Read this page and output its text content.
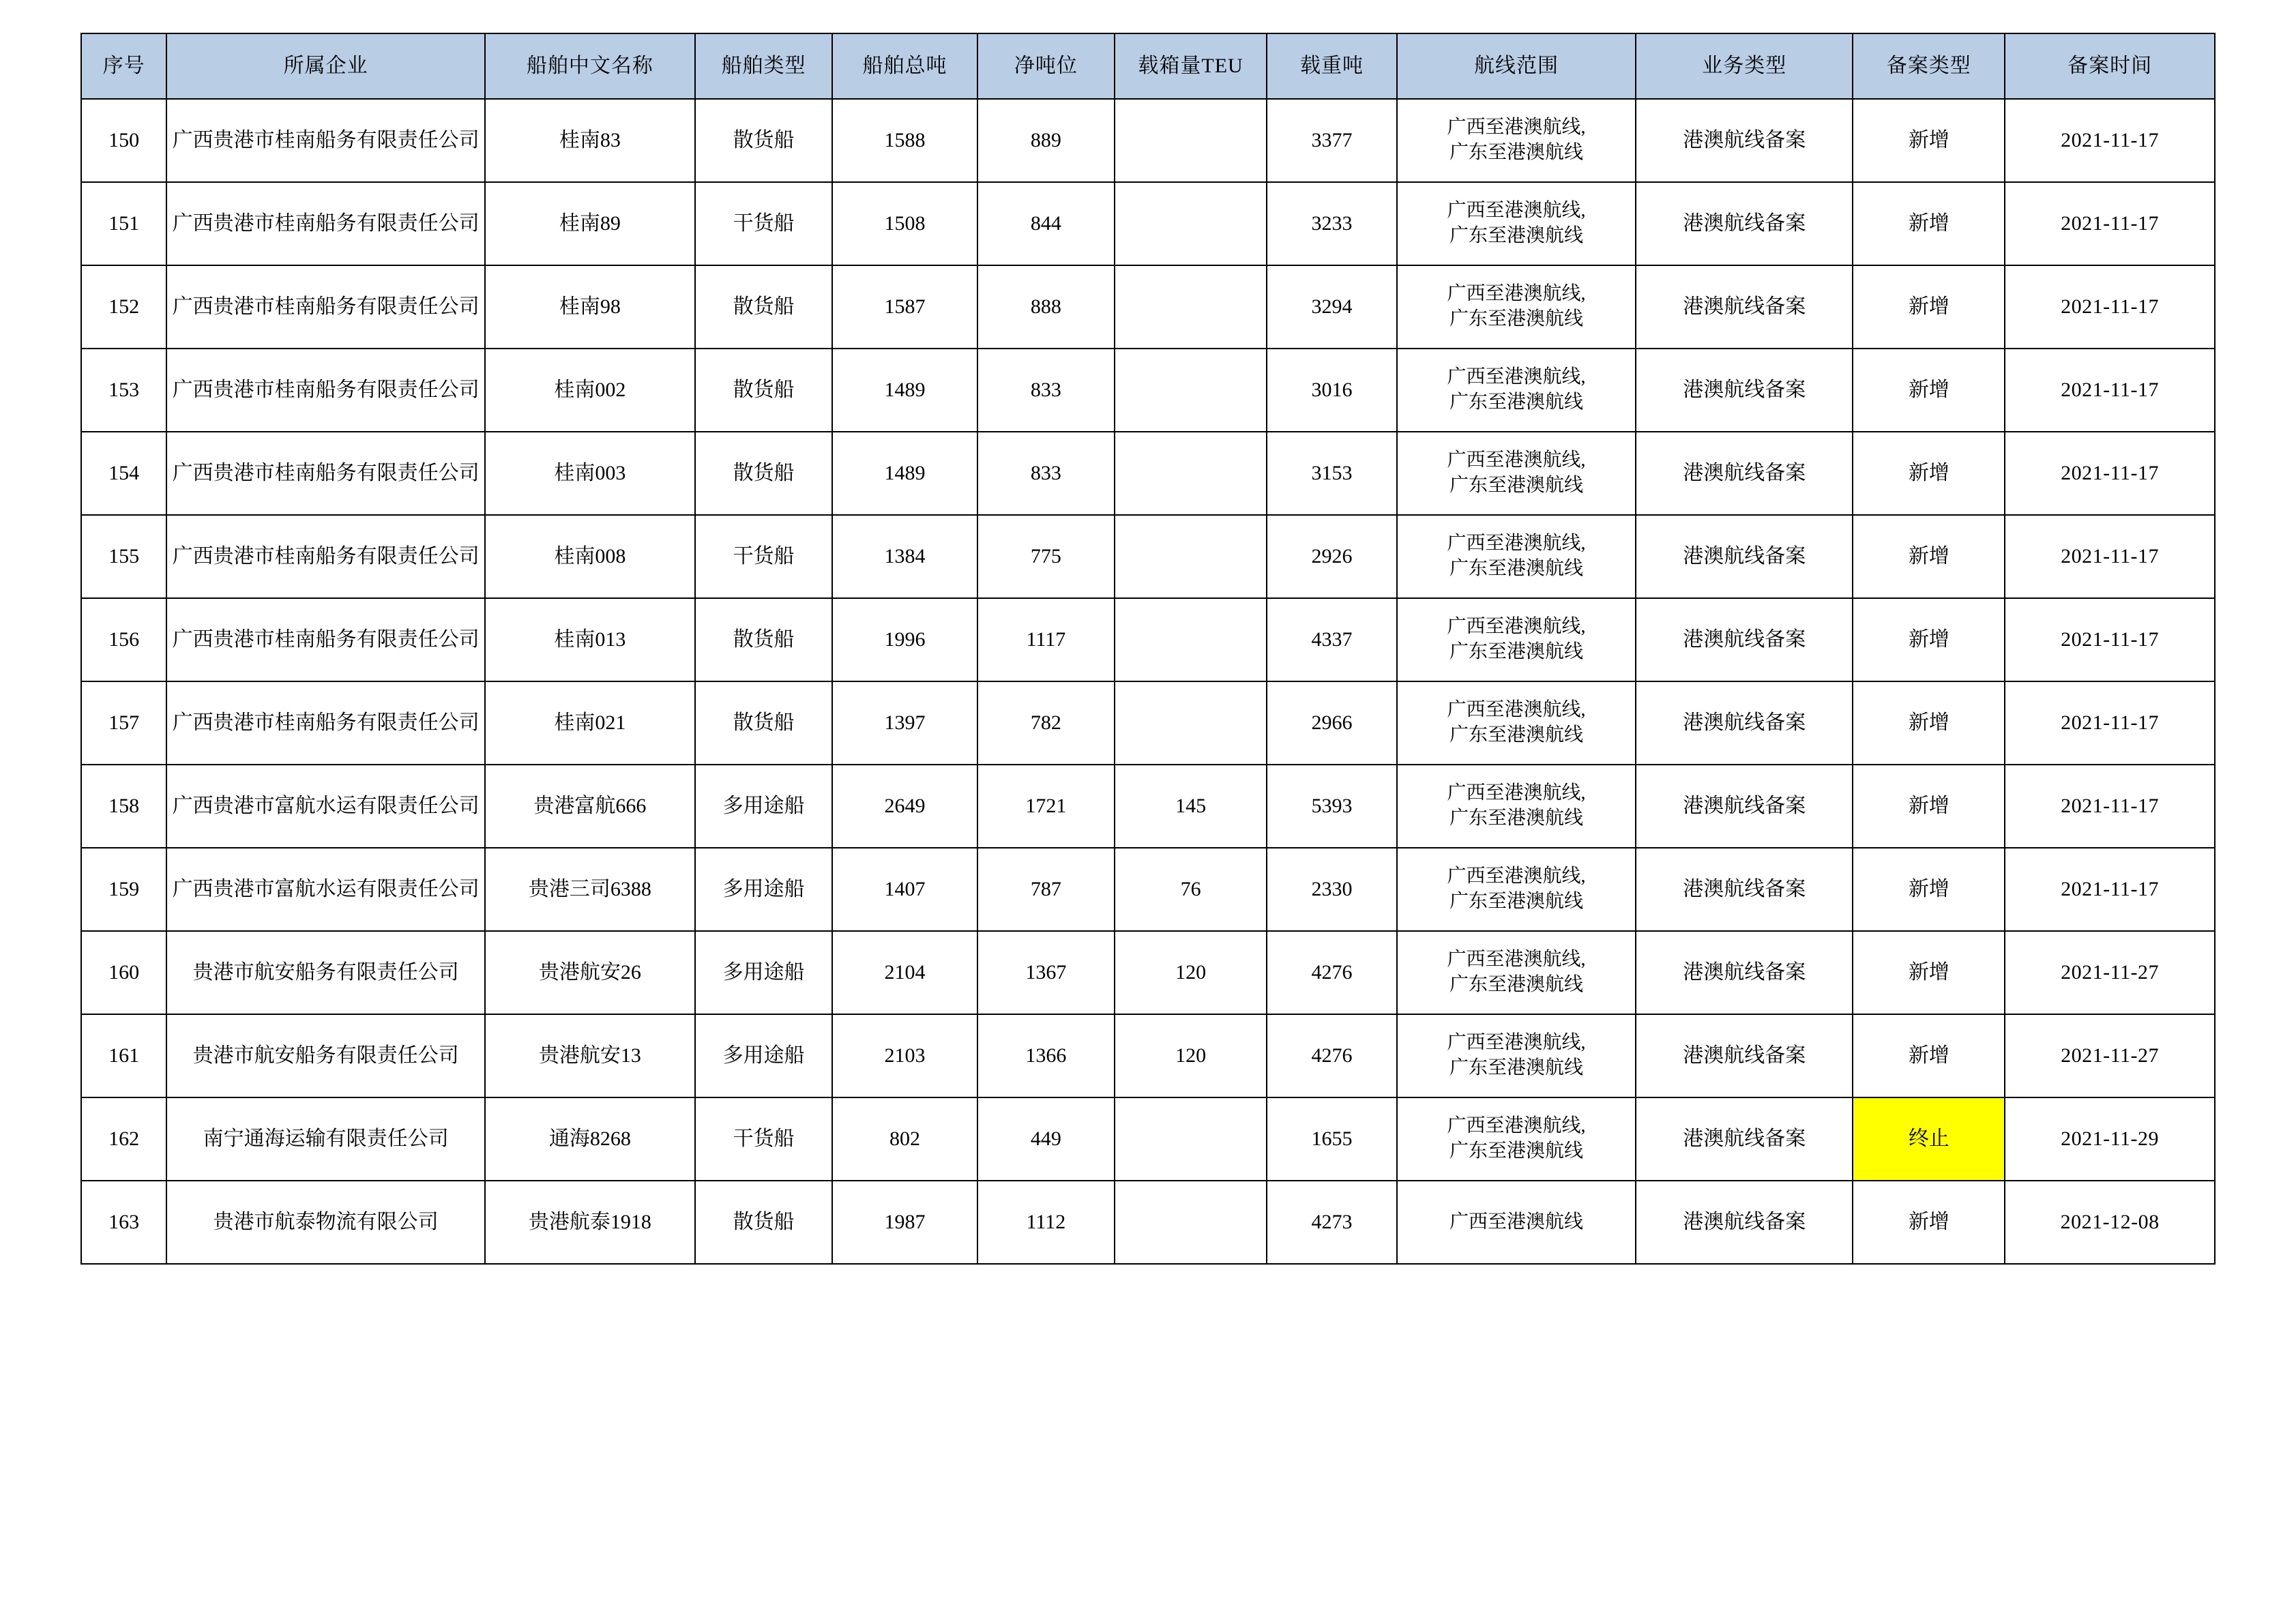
序号	所属企业	船舶中文名称	船舶类型	船舶总吨	净吨位	载箱量TEU	载重吨	航线范围	业务类型	备案类型	备案时间
150	广西贵港市桂南船务有限责任公司	桂南83	散货船	1588	889		3377	广西至港澳航线,
广东至港澳航线	港澳航线备案	新增	2021-11-17
151	广西贵港市桂南船务有限责任公司	桂南89	干货船	1508	844		3233	广西至港澳航线,
广东至港澳航线	港澳航线备案	新增	2021-11-17
152	广西贵港市桂南船务有限责任公司	桂南98	散货船	1587	888		3294	广西至港澳航线,
广东至港澳航线	港澳航线备案	新增	2021-11-17
153	广西贵港市桂南船务有限责任公司	桂南002	散货船	1489	833		3016	广西至港澳航线,
广东至港澳航线	港澳航线备案	新增	2021-11-17
154	广西贵港市桂南船务有限责任公司	桂南003	散货船	1489	833		3153	广西至港澳航线,
广东至港澳航线	港澳航线备案	新增	2021-11-17
155	广西贵港市桂南船务有限责任公司	桂南008	干货船	1384	775		2926	广西至港澳航线,
广东至港澳航线	港澳航线备案	新增	2021-11-17
156	广西贵港市桂南船务有限责任公司	桂南013	散货船	1996	1117		4337	广西至港澳航线,
广东至港澳航线	港澳航线备案	新增	2021-11-17
157	广西贵港市桂南船务有限责任公司	桂南021	散货船	1397	782		2966	广西至港澳航线,
广东至港澳航线	港澳航线备案	新增	2021-11-17
158	广西贵港市富航水运有限责任公司	贵港富航666	多用途船	2649	1721	145	5393	广西至港澳航线,
广东至港澳航线	港澳航线备案	新增	2021-11-17
159	广西贵港市富航水运有限责任公司	贵港三司6388	多用途船	1407	787	76	2330	广西至港澳航线,
广东至港澳航线	港澳航线备案	新增	2021-11-17
160	贵港市航安船务有限责任公司	贵港航安26	多用途船	2104	1367	120	4276	广西至港澳航线,
广东至港澳航线	港澳航线备案	新增	2021-11-27
161	贵港市航安船务有限责任公司	贵港航安13	多用途船	2103	1366	120	4276	广西至港澳航线,
广东至港澳航线	港澳航线备案	新增	2021-11-27
162	南宁通海运输有限责任公司	通海8268	干货船	802	449		1655	广西至港澳航线,
广东至港澳航线	港澳航线备案	终止	2021-11-29
163	贵港市航泰物流有限公司	贵港航泰1918	散货船	1987	1112		4273	广西至港澳航线	港澳航线备案	新增	2021-12-08
